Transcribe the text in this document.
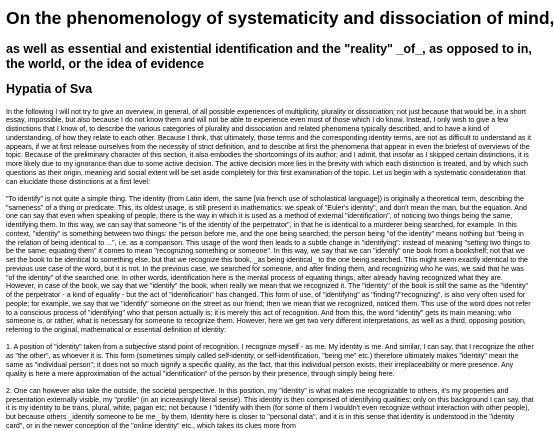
On the phenomenology of systematicity and dissociation of mind,
as well as essential and existential identification and the "reality" _of_, as opposed to in, the world, or the idea of evidence
Hypatia of Sva

In the following I will not try to give an overview, in general, of all possible experiences of multiplicity, plurality or dissociation; not just because that would be, in a short essay, impossible, but also because I do not know them and will not be able to experience even most of those which I do know. Instead, I only wish to give a few distinctions that I know of, to describe the various categories of plurality and dissociation and related phenomena typically described, and to have a kind of understanding, of how they relate to each other. Because I think, that ultimately, those terms and the corresponding identity terms, are not as difficult to understand as it appears, if we at first release ourselves from the necessity of strict definition, and to describe at first the phenomena that appear in even the briefest of overviews of the topic. Because of the preliminary character of this section, it also embodies the shortcomings of its author; and I admit, that insofar as I skipped certain distinctions, it is more likely due to my ignorance than due to some active decision. The active decision more lies in the brevity with which each distinction is treated, and by which such questions as their origin, meaning and social extent will be set aside completely for this first examination of the topic. Let us begin with a systematic consideration that can elucidate those distinctions at a first level:

"To identify" is not quite a simple thing. The identity (from Latin idem, the same [via french use of scholastical language]) is originally a theoretical term, describing the "sameness" of a thing or predicate. This, its oldest usage, is still present in mathematics: we speak of "Euler's identity", and don't mean the man, but the equation. And one can say that even when speaking of people, there is the way in which it is used as a method of external "identification", of noticing two things being the same, identifying them. In this way, we can say that someone "is of the identity of the perpetrator", in that he is identical to a murderer being searched, for example. In this context, "identity" is something between two things: the person before me, and the one being searched; the person being "of the identity" means nothing but "being in the relation of being identical to ...", i.e. as a comparison. This usage of the word then leads to a subtle change in "identifying": instead of meaning "setting two things to be the same; equating them" it comes to mean "recognizing something or someone". In this way, we say that we can "identify" one book from a bookshelf; not that we set the book to be identical to something else, but that we recognize this book, _as being identical_ to the one being searched. This might seem exactly identical to the previous use case of the word, but it is not. In the previous case, we searched for someone, and after finding them, and recognizing who he was, we said that he was "of the identity" of the searched one. In other words, identification here is the mental process of equating things, after already having recognized what they are. However, in case of the book, we say that we "identify" the book, when really we mean that we recognized it. The "identity" of the book is still the same as the "identity" of the perpetrator - a kind of equality - but the act of "identification" has changed. This form of use, of "identifying" as "finding"/"recognizing", is also very often used for people; for example, we say that we "identify" someone on the street as our friend; then we mean that we recognized, noticed them. This use of the word does not refer to a conscious process of "identifying" who that person actually is; it is merely this act of recognition. And from this, the word "identity" gets its main meaning: who someone is, or rather, what is necessary for someone to recognize them. However, here we get two very different interpretations, as well as a third, opposing position, referring to the original, mathematical or essential definition of identity:

1. A position of "identity" taken from a subjective stand point of recognition. I recognize myself - as me. My identity is me. And similar, I can say, that I recognize the other as "the other", as whoever it is. This form (sometimes simply called self-identity, or self-identification, "being me" etc.) therefore ultimately makes "identity" mean the same as "individual person"; it does not so much signify a specific quality, as the fact, that this individual person exists, their irreplaceability or mere presence. Any quality is here a mere approximation of the actual "identification" of the person by their presence, through simply being here.

2. One can however also take the outside, the societal perspective. In this position, my "identity" is what makes me recognizable to others, it's my properties and presentation externally visible, my "profile" (in an increasingly literal sense). This identity is then comprised of identifying qualities; only on this background I can say, that it is my identity to be trans, plural, white, pagan etc; not because I "identify with them (for some of them I wouldn't even recognize without interaction with other people), but because others _identify someone to be me_ by them. Identity here is closer to "personal data", and it is in this sense that identity is understood in the "identity card", or in the newer conception of the "online identity" etc., which takes its clues more from
